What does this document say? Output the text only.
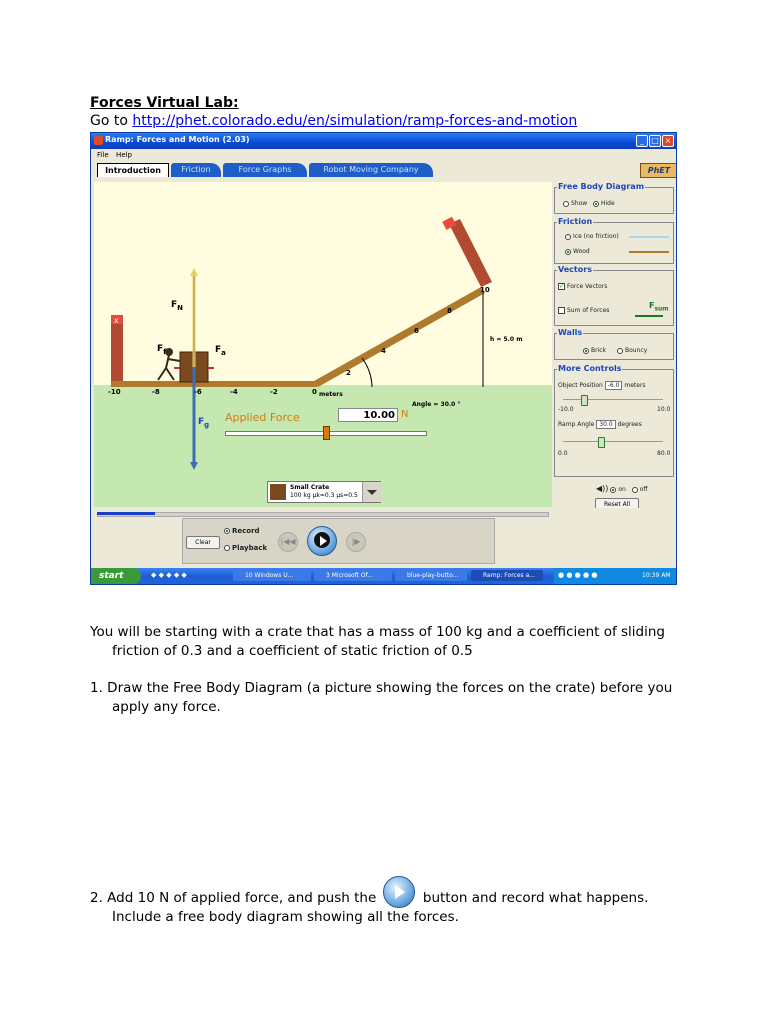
Forces Virtual Lab:
Go to http://phet.colorado.edu/en/simulation/ramp-forces-and-motion
Ramp: Forces and Motion (2.03)	_ □ ×
File Help
Introduction	Friction	Force Graphs	Robot Moving Company	PhET
x
$F_N$
$F_f$	$F_a$
$F_g$
-10	-8	-6	-4	-2	0 meters
2
4
6
8
10
h = 5.0 m
Angle = 30.0 °
Applied Force	10.00 N
Small Crate
100 kg μk=0.3 μs=0.5
Free Body Diagram
Show	Hide
Friction
Ice (no friction)
Wood
Vectors
✓ Force Vectors
Sum of Forces
$F_{sum}$
Walls
Brick	Bouncy
More Controls
Object Position -6.0 meters
-10.0	10.0
Ramp Angle 30.0 degrees
0.0	80.0
◀)) on off
Reset All
Clear
Record
Playback
|◀◀	|▶
start	◆ ◆ ◆ ◆ ◆	10 Windows U...	3 Microsoft Of...	blue-play-butto...	Ramp: Forces a...	● ● ● ● ●	10:39 AM
You will be starting with a crate that has a mass of 100 kg and a coefficient of sliding
friction of 0.3 and a coefficient of static friction of 0.5
1. Draw the Free Body Diagram (a picture showing the forces on the crate) before you
apply any force.
2. Add 10 N of applied force, and push the	button and record what happens.
Include a free body diagram showing all the forces.
